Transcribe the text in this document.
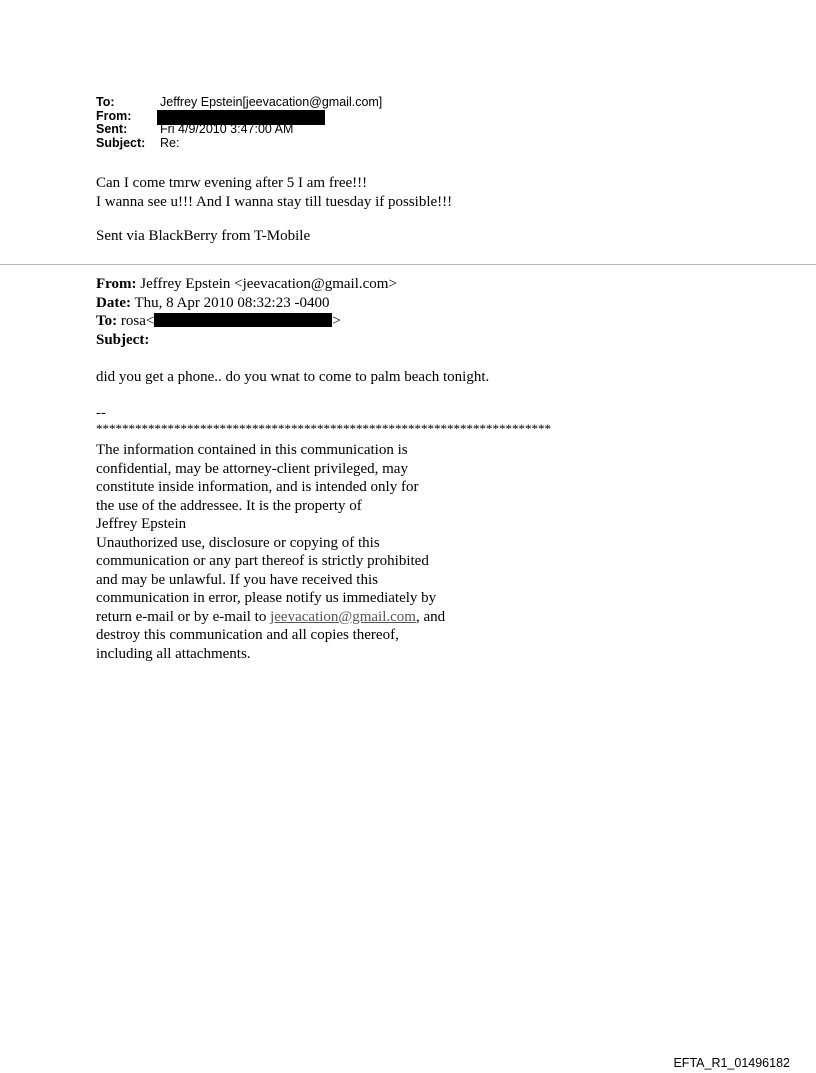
To:	Jeffrey Epstein[jeevacation@gmail.com]
From:
Sent:	Fri 4/9/2010 3:47:00 AM
Subject: Re:
Can I come tmrw evening after 5 I am free!!!
I wanna see u!!! And I wanna stay till tuesday if possible!!!
Sent via BlackBerry from T-Mobile
From: Jeffrey Epstein <jeevacation@gmail.com>
Date: Thu, 8 Apr 2010 08:32:23 -0400
To: rosa<	>
Subject:
did you get a phone.. do you wnat to come to palm beach tonight.
--
**********************************************************************
The information contained in this communication is
confidential, may be attorney-client privileged, may
constitute inside information, and is intended only for
the use of the addressee. It is the property of
Jeffrey Epstein
Unauthorized use, disclosure or copying of this
communication or any part thereof is strictly prohibited
and may be unlawful. If you have received this
communication in error, please notify us immediately by
return e-mail or by e-mail to jeevacation@gmail.com, and
destroy this communication and all copies thereof,
including all attachments.
EFTA_R1_01496182
